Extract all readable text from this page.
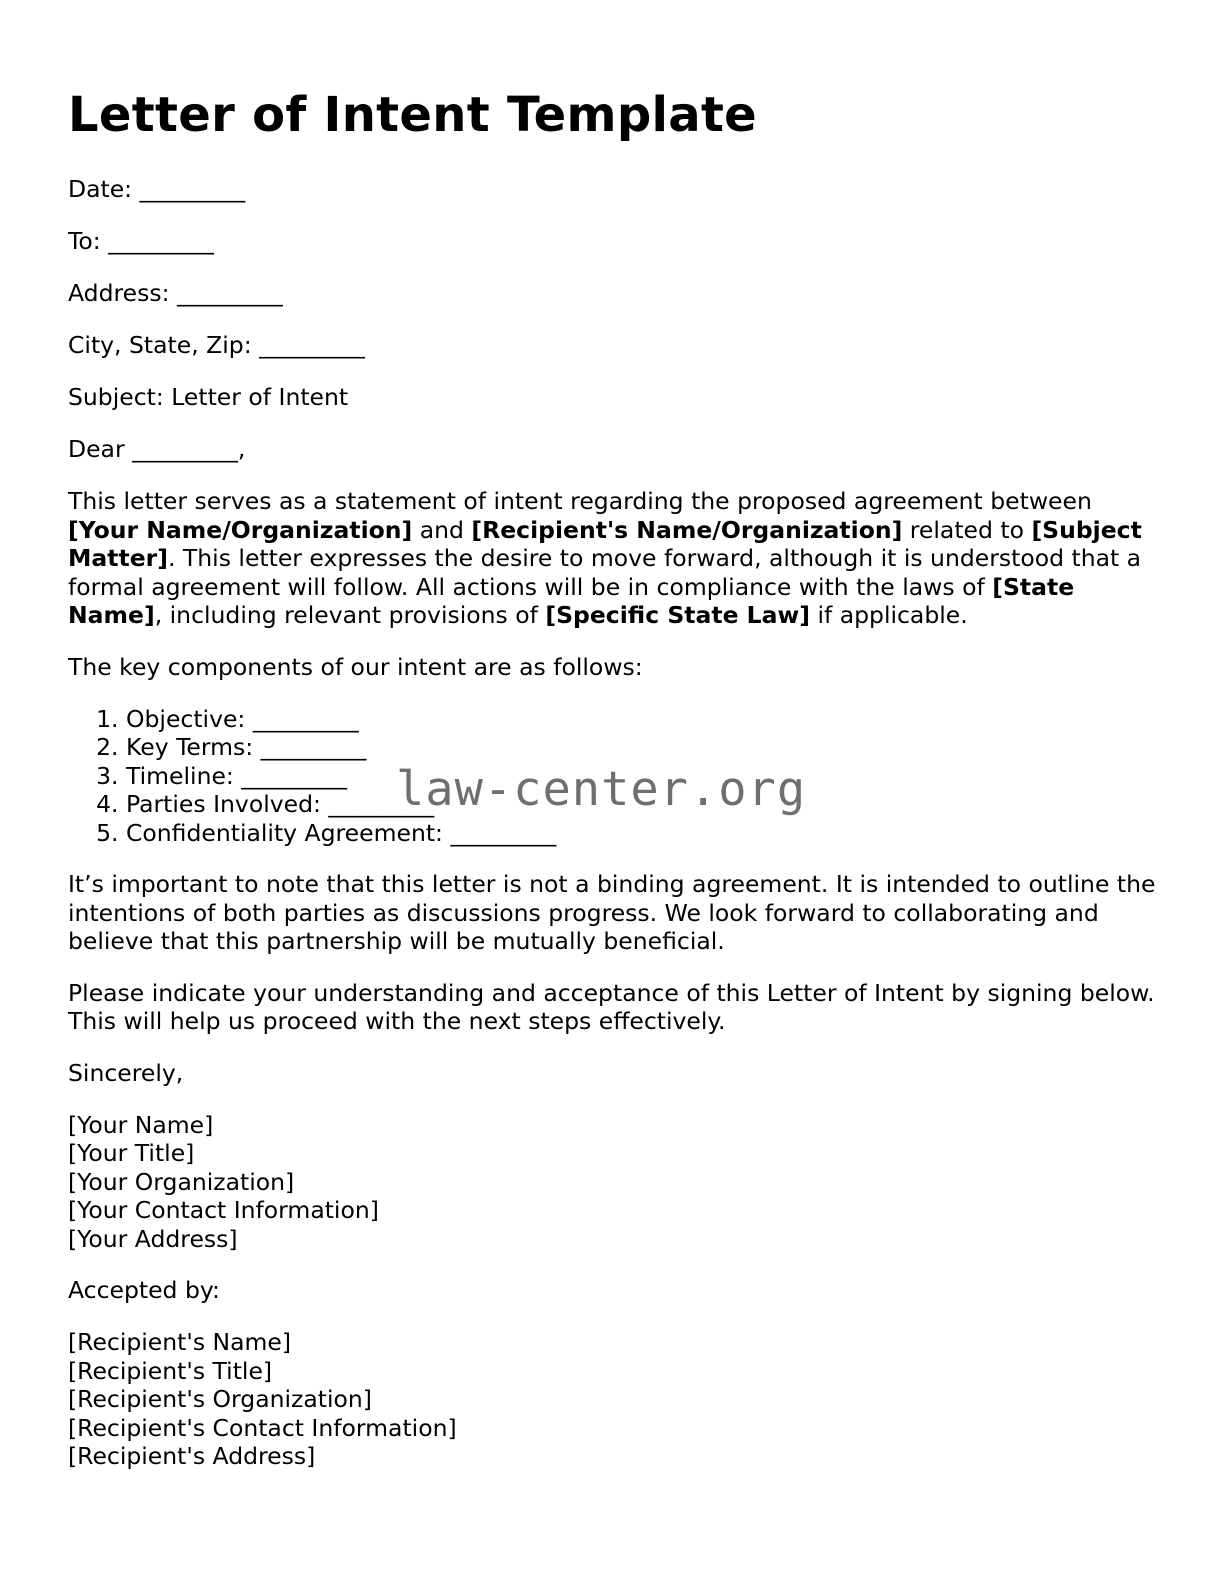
Letter of Intent Template
Date: _________
To: _________
Address: _________
City, State, Zip: _________
Subject: Letter of Intent
Dear _________,

This letter serves as a statement of intent regarding the proposed agreement between [Your Name/Organization] and [Recipient's Name/Organization] related to [Subject Matter]. This letter expresses the desire to move forward, although it is understood that a formal agreement will follow. All actions will be in compliance with the laws of [State Name], including relevant provisions of [Specific State Law] if applicable.

The key components of our intent are as follows:

1. Objective: _________
2. Key Terms: _________
3. Timeline: _________
4. Parties Involved: _________
5. Confidentiality Agreement: _________

It’s important to note that this letter is not a binding agreement. It is intended to outline the intentions of both parties as discussions progress. We look forward to collaborating and believe that this partnership will be mutually beneficial.

Please indicate your understanding and acceptance of this Letter of Intent by signing below. This will help us proceed with the next steps effectively.

Sincerely,

[Your Name]
[Your Title]
[Your Organization]
[Your Contact Information]
[Your Address]

Accepted by:

[Recipient's Name]
[Recipient's Title]
[Recipient's Organization]
[Recipient's Contact Information]
[Recipient's Address]
law-center.org
